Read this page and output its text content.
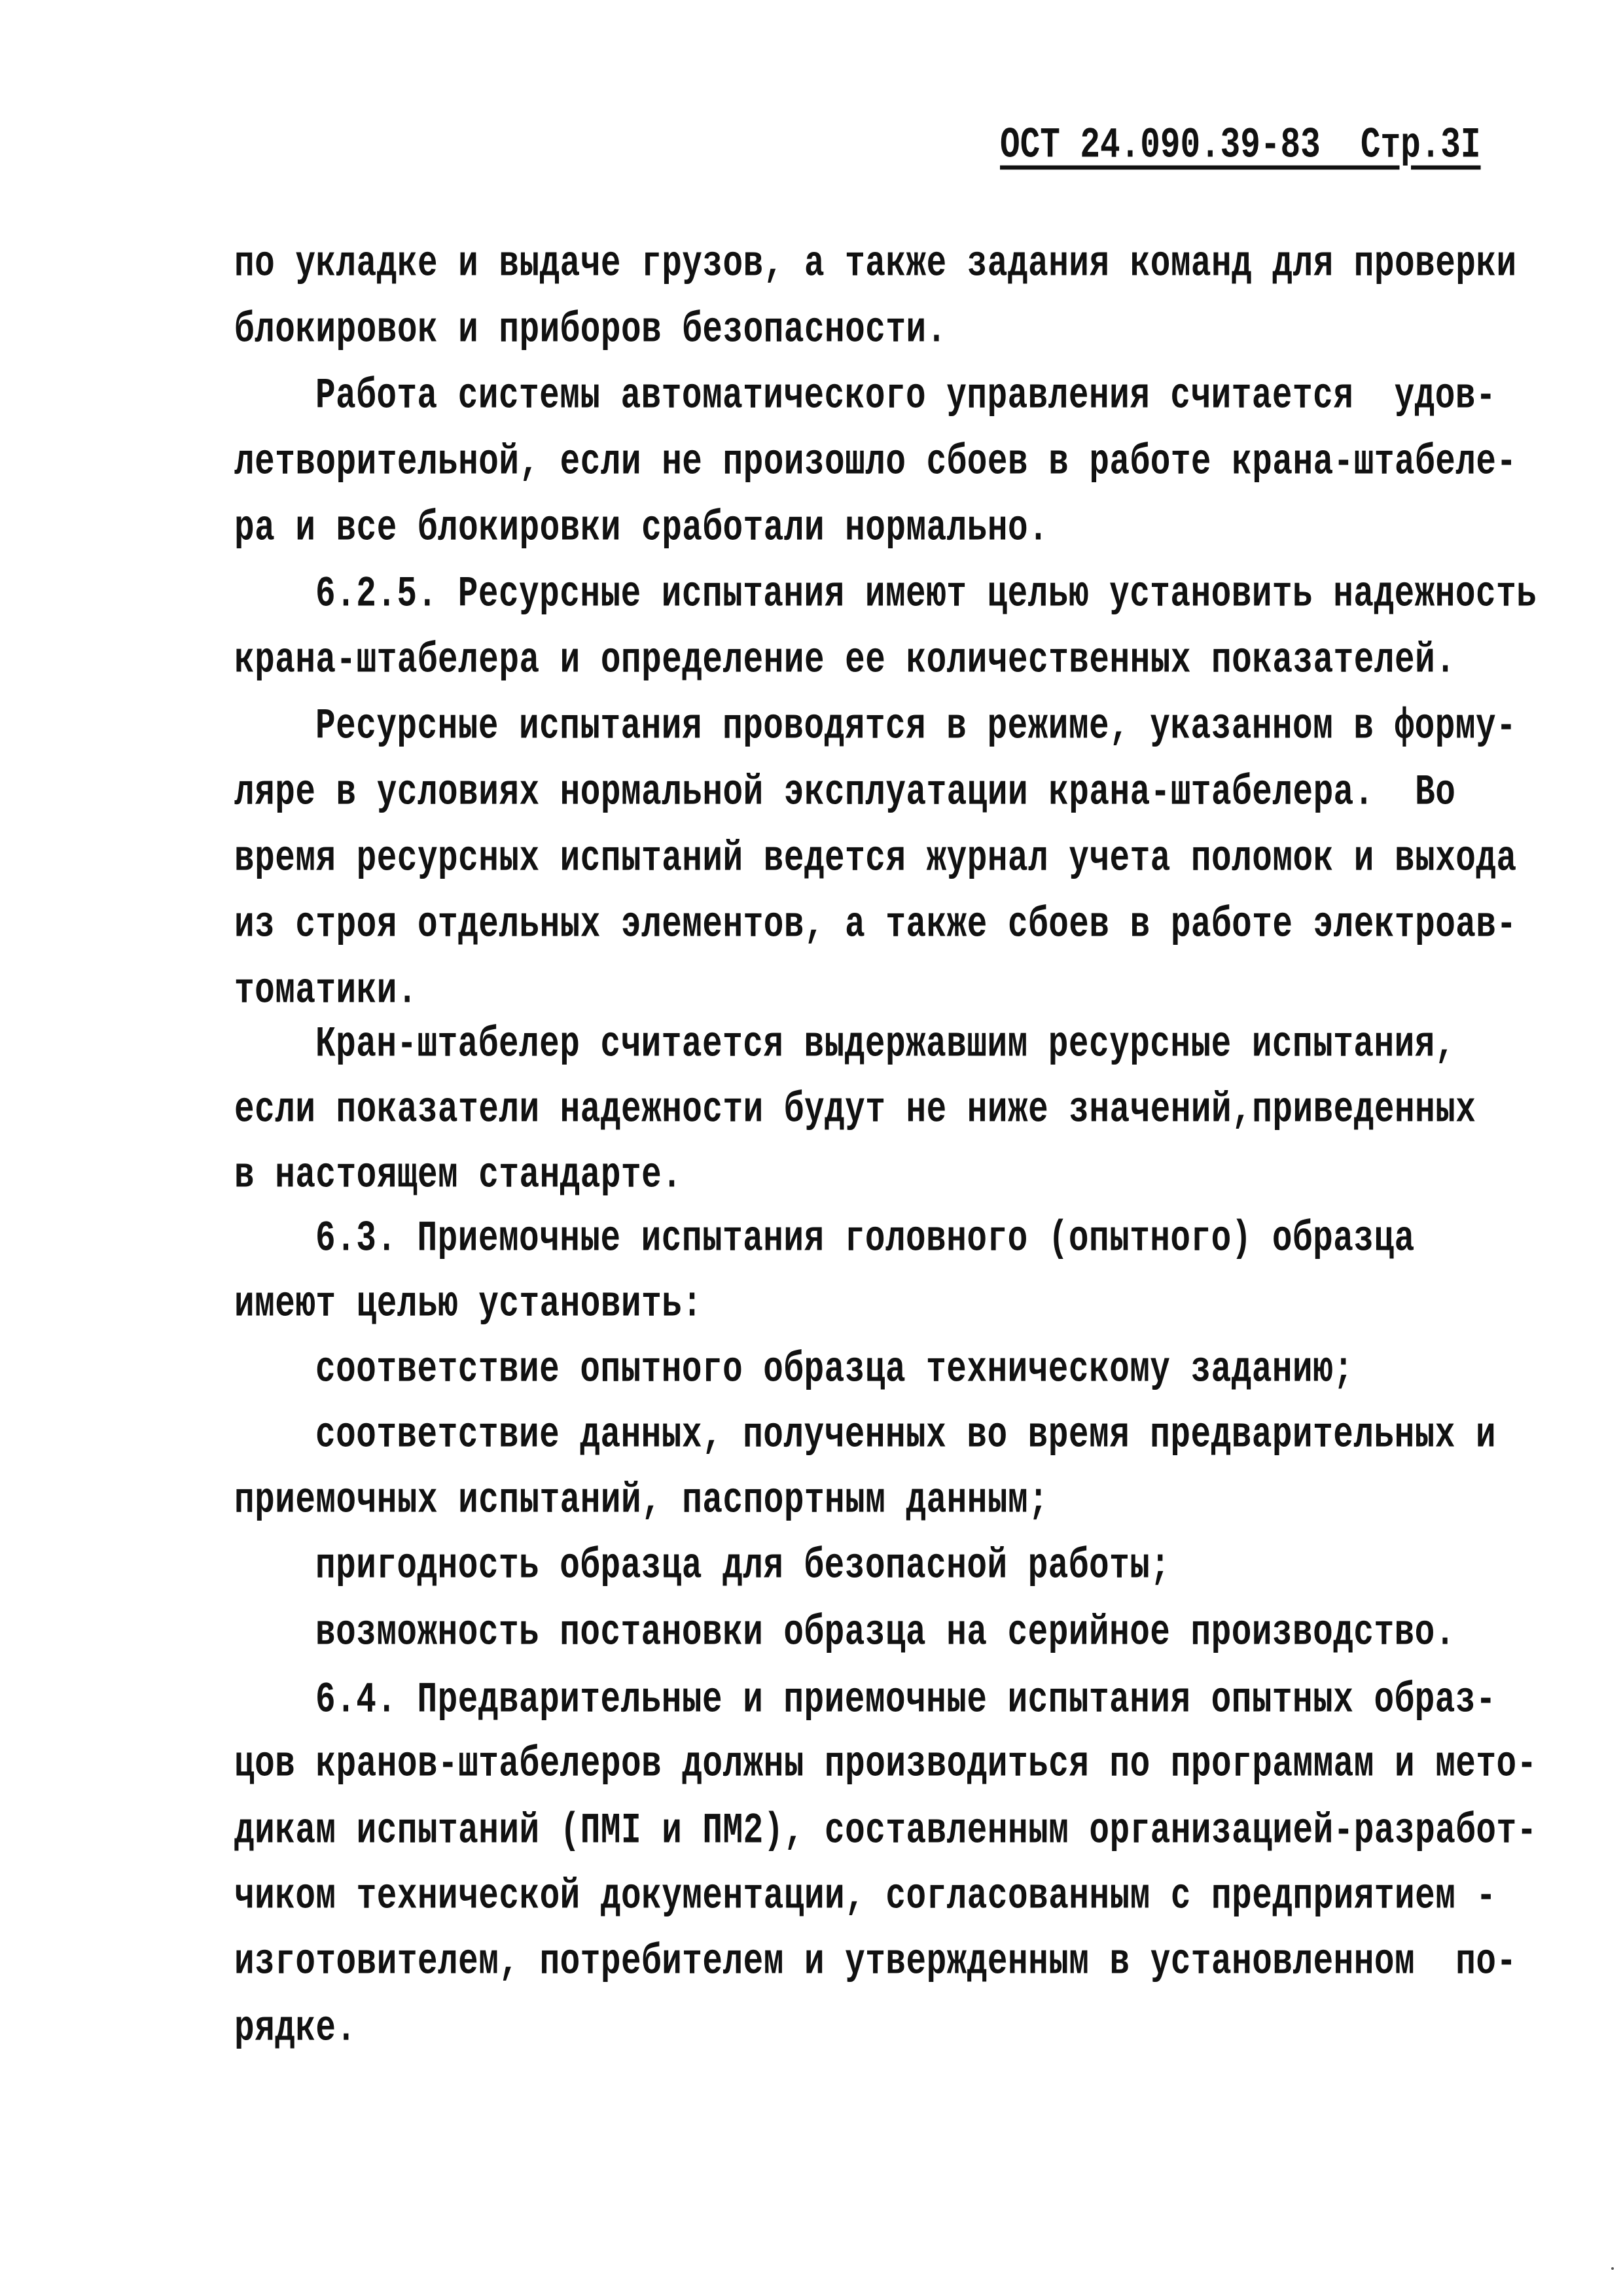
ОСТ 24.090.39-83  Стр.3I
по укладке и выдаче грузов, а также задания команд для проверки
блокировок и приборов безопасности.
Работа системы автоматического управления считается  удов-
летворительной, если не произошло сбоев в работе крана-штабеле-
ра и все блокировки сработали нормально.
6.2.5. Ресурсные испытания имеют целью установить надежность
крана-штабелера и определение ее количественных показателей.
Ресурсные испытания проводятся в режиме, указанном в форму-
ляре в условиях нормальной эксплуатации крана-штабелера.  Во
время ресурсных испытаний ведется журнал учета поломок и выхода
из строя отдельных элементов, а также сбоев в работе электроав-
томатики.
Кран-штабелер считается выдержавшим ресурсные испытания,
если показатели надежности будут не ниже значений,приведенных
в настоящем стандарте.
6.3. Приемочные испытания головного (опытного) образца
имеют целью установить:
соответствие опытного образца техническому заданию;
соответствие данных, полученных во время предварительных и
приемочных испытаний, паспортным данным;
пригодность образца для безопасной работы;
возможность постановки образца на серийное производство.
6.4. Предварительные и приемочные испытания опытных образ-
цов кранов-штабелеров должны производиться по программам и мето-
дикам испытаний (ПМI и ПМ2), составленным организацией-разработ-
чиком технической документации, согласованным с предприятием -
изготовителем, потребителем и утвержденным в установленном  по-
рядке.
